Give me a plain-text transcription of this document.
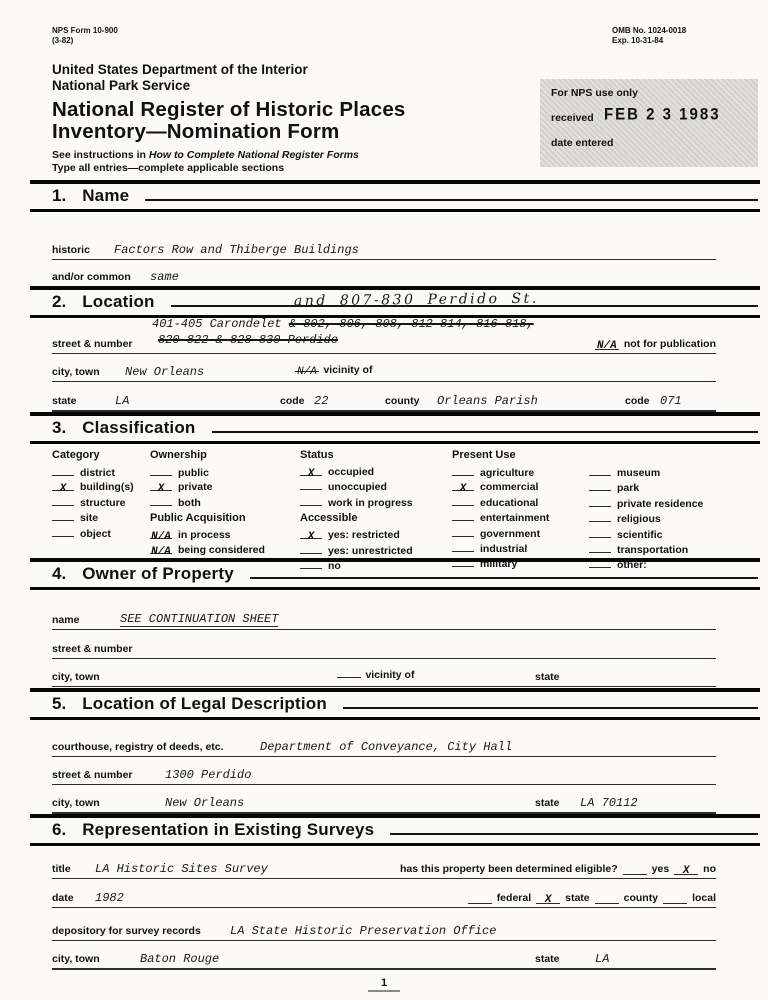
NPS Form 10-900
(3-82)
OMB No. 1024-0018
Exp. 10-31-84
United States Department of the Interior
National Park Service	For NPS use only
received FEB 2 3 1983
date entered
National Register of Historic Places
Inventory—Nomination Form
See instructions in How to Complete National Register Forms
Type all entries—complete applicable sections
1. Name
historic Factors Row and Thiberge Buildings
and/or common same
2. Location	and 807-830 Perdido St.
street & number
401-405 Carondelet & 802, 806, 808, 812-814, 816-818,
820-822 & 828-830 Perdido	N/A not for publication
city, town New Orleans	N/A vicinity of
state	LA	code 22	county Orleans Parish	code 071
3. Classification
Category
district
X building(s)
structure
site
object
Ownership
public
X private
both
Public Acquisition
N/A in process
N/A being considered
Status
X occupied
unoccupied
work in progress
Accessible
X yes: restricted
yes: unrestricted
no
Present Use
agriculture
X commercial
educational
entertainment
government
industrial
military
museum
park
private residence
religious
scientific
transportation
other:
4. Owner of Property
name	SEE CONTINUATION SHEET
street & number
city, town	vicinity of	state
5. Location of Legal Description
courthouse, registry of deeds, etc.	Department of Conveyance, City Hall
street & number	1300 Perdido
city, town	New Orleans	state LA 70112
6. Representation in Existing Surveys
title LA Historic Sites Survey	has this property been determined eligible?	yes	X	no
date 1982	federal	X	state	county	local
depository for survey records LA State Historic Preservation Office
city, town	Baton Rouge	state	LA
1
